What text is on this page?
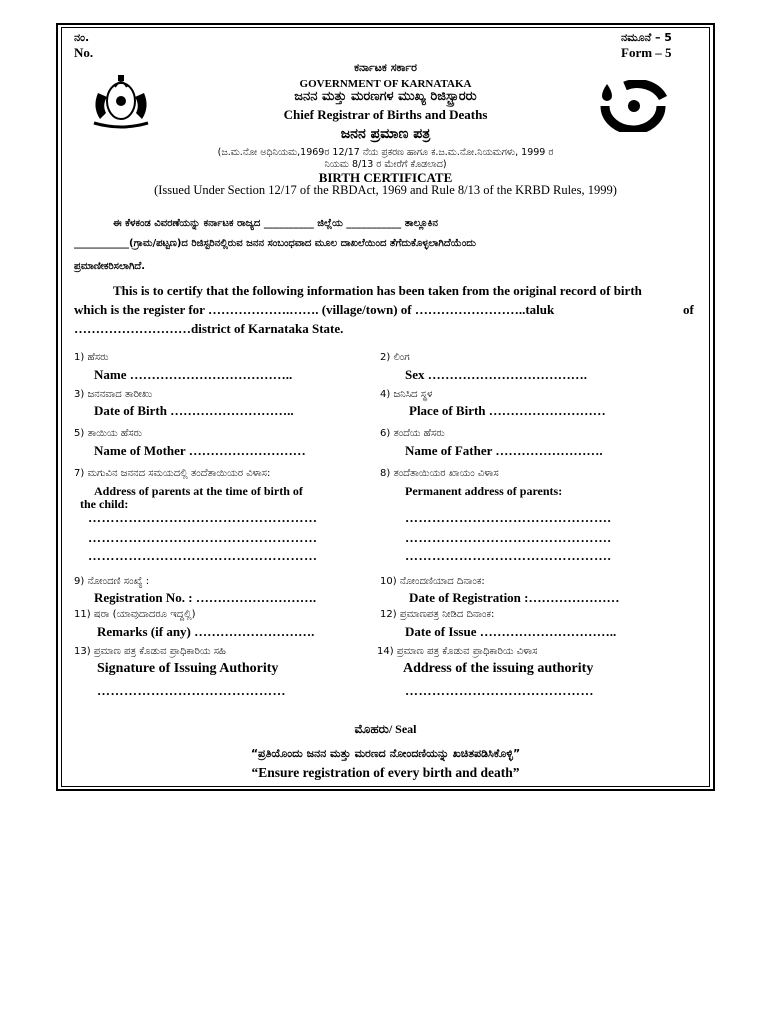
ನಂ.
No.
ನಮೂನೆ – 5
Form – 5
ಕರ್ನಾಟಕ ಸರ್ಕಾರ
GOVERNMENT OF KARNATAKA
ಜನನ ಮತ್ತು ಮರಣಗಳ ಮುಖ್ಯ ರಿಜಿಸ್ಟ್ರಾರರು
Chief Registrar of Births and Deaths
ಜನನ ಪ್ರಮಾಣ ಪತ್ರ
(ಜ.ಮ.ನೋ ಅಧಿನಿಯಮ,1969ರ 12/17 ನೆಯ ಪ್ರಕರಣ ಹಾಗೂ ಕ.ಜ.ಮ.ನೋ.ನಿಯಮಗಳು, 1999 ರ
ನಿಯಮ 8/13 ರ ಮೇರೆಗೆ ಕೊಡಲಾದ)
BIRTH CERTIFICATE
(Issued Under Section 12/17 of the RBDAct, 1969 and Rule 8/13 of the KRBD Rules, 1999)
ಈ ಕೆಳಕಂಡ ವಿವರಣೆಯನ್ನು ಕರ್ನಾಟಕ ರಾಜ್ಯದ __________ ಜಿಲ್ಲೆಯ ___________ ತಾಲ್ಲೂಕಿನ
___________(ಗ್ರಾಮ/ಪಟ್ಟಣ)ದ ರಿಜಿಸ್ಟರಿನಲ್ಲಿರುವ ಜನನ ಸಂಬಂಧವಾದ ಮೂಲ ದಾಖಲೆಯಿಂದ ತೆಗೆದುಕೊಳ್ಳಲಾಗಿದೆಯೆಂದು
ಪ್ರಮಾಣೀಕರಿಸಲಾಗಿದೆ.
This is to certify that the following information has been taken from the original record of birth
which is the register for ……………….……. (village/town) of ……………………..taluk	of
………………………district of Karnataka State.
1) ಹೆಸರು
Name ………………………………..
2) ಲಿಂಗ
Sex ……………………………….
3) ಜನನವಾದ ತಾರೀಖು
Date of Birth ………………………..
4) ಜನಿಸಿದ ಸ್ಥಳ
Place of Birth ………………………
5) ತಾಯಿಯ ಹೆಸರು
Name of Mother ………………………
6) ತಂದೆಯ ಹೆಸರು
Name of Father …………………….
7) ಮಗುವಿನ ಜನನದ ಸಮಯದಲ್ಲಿ ತಂದೆತಾಯಿಯರ ವಿಳಾಸ:
Address of parents at the time of birth of
the child:
8) ತಂದೆತಾಯಿಯರ ಖಾಯಂ ವಿಳಾಸ
Permanent address of parents:
……………………………………………
……………………………………………
……………………………………………
……………………………………….
……………………………………….
……………………………………….
9) ನೋಂದಣಿ ಸಂಖ್ಯೆ :
Registration No. : ……………………….
10) ನೋಂದಣಿಯಾದ ದಿನಾಂಕ:
Date of Registration :…………………
11) ಷರಾ (ಯಾವುದಾದರೂ ಇದ್ದಲ್ಲಿ)
Remarks (if any) ……………………….
12) ಪ್ರಮಾಣಪತ್ರ ನೀಡಿದ ದಿನಾಂಕ:
Date of Issue …………………………..
13) ಪ್ರಮಾಣ ಪತ್ರ ಕೊಡುವ ಪ್ರಾಧಿಕಾರಿಯ ಸಹಿ
Signature of Issuing Authority
……………………………………
14) ಪ್ರಮಾಣ ಪತ್ರ ಕೊಡುವ ಪ್ರಾಧಿಕಾರಿಯ ವಿಳಾಸ
Address of the issuing authority
……………………………………
ಮೊಹರು/ Seal
“ಪ್ರತಿಯೊಂದು ಜನನ ಮತ್ತು ಮರಣದ ನೋಂದಣಿಯನ್ನು ಖಚಿತಪಡಿಸಿಕೊಳ್ಳಿ”
“Ensure registration of every birth and death”
